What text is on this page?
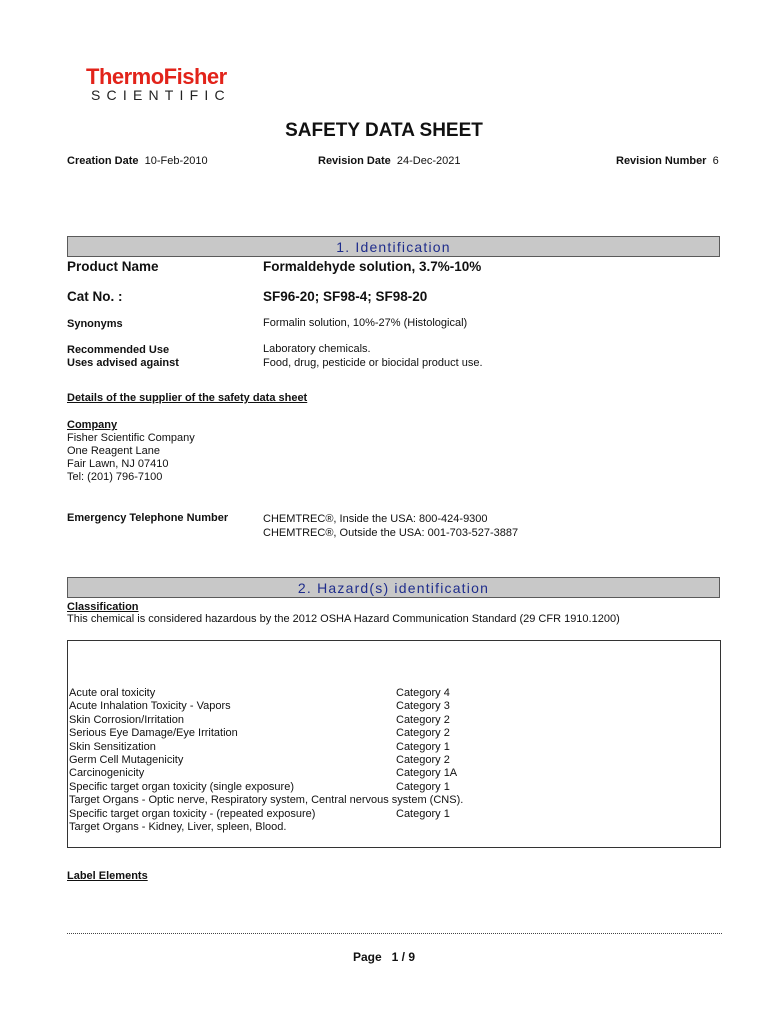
ThermoFisher
SCIENTIFIC
SAFETY DATA SHEET
Creation Date 10-Feb-2010	Revision Date 24-Dec-2021	Revision Number 6
1. Identification
Product Name	Formaldehyde solution, 3.7%-10%
Cat No. :	SF96-20; SF98-4; SF98-20
Synonyms	Formalin solution, 10%-27% (Histological)
Recommended Use	Laboratory chemicals.
Uses advised against	Food, drug, pesticide or biocidal product use.
Details of the supplier of the safety data sheet
Company
Fisher Scientific Company
One Reagent Lane
Fair Lawn, NJ 07410
Tel: (201) 796-7100
Emergency Telephone Number	CHEMTREC®, Inside the USA: 800-424-9300
CHEMTREC®, Outside the USA: 001-703-527-3887
2. Hazard(s) identification
Classification
This chemical is considered hazardous by the 2012 OSHA Hazard Communication Standard (29 CFR 1910.1200)
Acute oral toxicity	Category 4
Acute Inhalation Toxicity - Vapors	Category 3
Skin Corrosion/Irritation	Category 2
Serious Eye Damage/Eye Irritation	Category 2
Skin Sensitization	Category 1
Germ Cell Mutagenicity	Category 2
Carcinogenicity	Category 1A
Specific target organ toxicity (single exposure)	Category 1
Target Organs - Optic nerve, Respiratory system, Central nervous system (CNS).
Specific target organ toxicity - (repeated exposure)	Category 1
Target Organs - Kidney, Liver, spleen, Blood.
Label Elements
Page 1 / 9
